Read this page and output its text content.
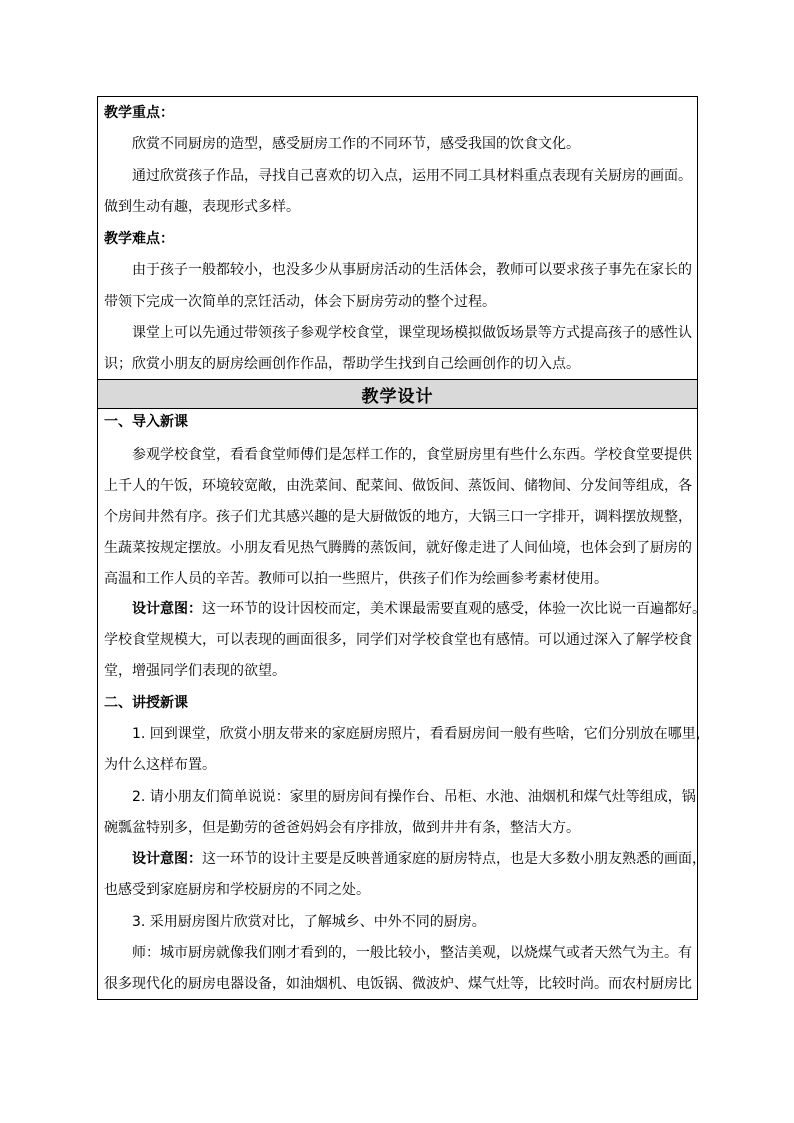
教学重点：
欣赏不同厨房的造型，感受厨房工作的不同环节，感受我国的饮食文化。
通过欣赏孩子作品，寻找自己喜欢的切入点，运用不同工具材料重点表现有关厨房的画面。
做到生动有趣，表现形式多样。
教学难点：
由于孩子一般都较小，也没多少从事厨房活动的生活体会，教师可以要求孩子事先在家长的
带领下完成一次简单的烹饪活动，体会下厨房劳动的整个过程。
课堂上可以先通过带领孩子参观学校食堂，课堂现场模拟做饭场景等方式提高孩子的感性认
识；欣赏小朋友的厨房绘画创作作品，帮助学生找到自己绘画创作的切入点。
教学设计
一、导入新课
参观学校食堂，看看食堂师傅们是怎样工作的，食堂厨房里有些什么东西。学校食堂要提供
上千人的午饭，环境较宽敞，由洗菜间、配菜间、做饭间、蒸饭间、储物间、分发间等组成，各
个房间井然有序。孩子们尤其感兴趣的是大厨做饭的地方，大锅三口一字排开，调料摆放规整，
生蔬菜按规定摆放。小朋友看见热气腾腾的蒸饭间，就好像走进了人间仙境，也体会到了厨房的
高温和工作人员的辛苦。教师可以拍一些照片，供孩子们作为绘画参考素材使用。
设计意图：这一环节的设计因校而定，美术课最需要直观的感受，体验一次比说一百遍都好。
学校食堂规模大，可以表现的画面很多，同学们对学校食堂也有感情。可以通过深入了解学校食
堂，增强同学们表现的欲望。
二、讲授新课
1. 回到课堂，欣赏小朋友带来的家庭厨房照片，看看厨房间一般有些啥，它们分别放在哪里，
为什么这样布置。
2. 请小朋友们简单说说：家里的厨房间有操作台、吊柜、水池、油烟机和煤气灶等组成，锅
碗瓢盆特别多，但是勤劳的爸爸妈妈会有序排放，做到井井有条，整洁大方。
设计意图：这一环节的设计主要是反映普通家庭的厨房特点，也是大多数小朋友熟悉的画面，
也感受到家庭厨房和学校厨房的不同之处。
3. 采用厨房图片欣赏对比，了解城乡、中外不同的厨房。
师：城市厨房就像我们刚才看到的，一般比较小，整洁美观，以烧煤气或者天然气为主。有
很多现代化的厨房电器设备，如油烟机、电饭锅、微波炉、煤气灶等，比较时尚。而农村厨房比
